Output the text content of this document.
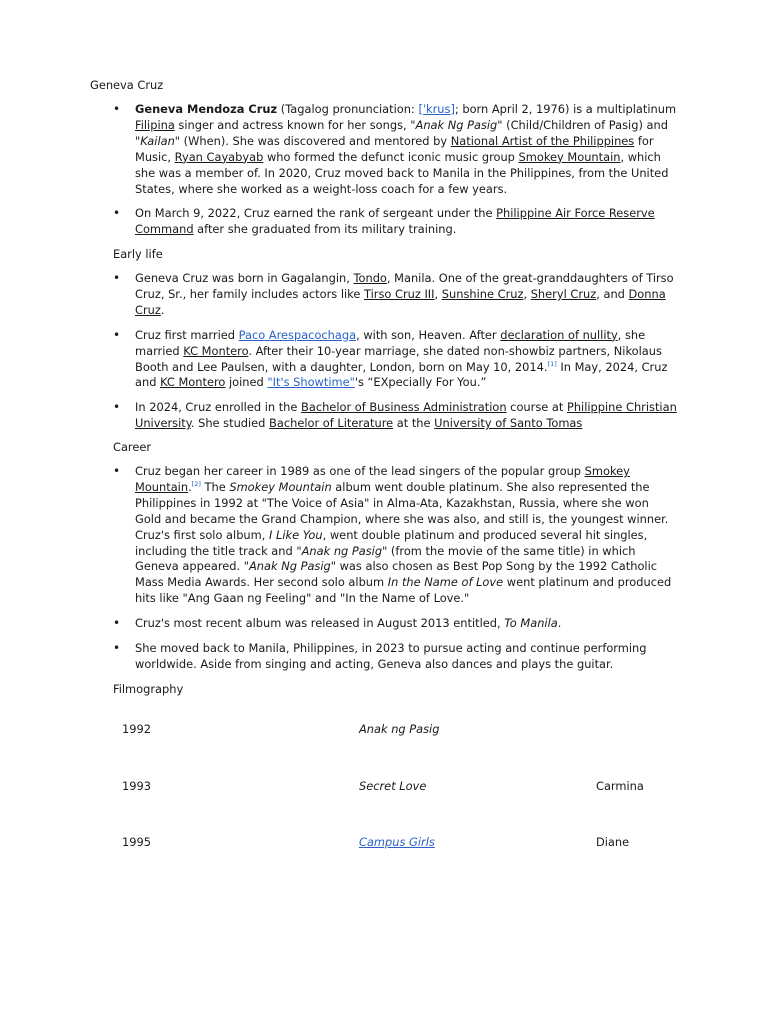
Geneva Cruz
• Geneva Mendoza Cruz (Tagalog pronunciation: [ˈkrus]; born April 2, 1976) is a multiplatinum Filipina singer and actress known for her songs, "Anak Ng Pasig" (Child/Children of Pasig) and "Kailan" (When). She was discovered and mentored by National Artist of the Philippines for Music, Ryan Cayabyab who formed the defunct iconic music group Smokey Mountain, which she was a member of. In 2020, Cruz moved back to Manila in the Philippines, from the United States, where she worked as a weight-loss coach for a few years.
• On March 9, 2022, Cruz earned the rank of sergeant under the Philippine Air Force Reserve Command after she graduated from its military training.
Early life
• Geneva Cruz was born in Gagalangin, Tondo, Manila. One of the great-granddaughters of Tirso Cruz, Sr., her family includes actors like Tirso Cruz III, Sunshine Cruz, Sheryl Cruz, and Donna Cruz.
• Cruz first married Paco Arespacochaga, with son, Heaven. After declaration of nullity, she married KC Montero. After their 10-year marriage, she dated non-showbiz partners, Nikolaus Booth and Lee Paulsen, with a daughter, London, born on May 10, 2014.[1] In May, 2024, Cruz and KC Montero joined "It's Showtime"'s “EXpecially For You.”
• In 2024, Cruz enrolled in the Bachelor of Business Administration course at Philippine Christian University. She studied Bachelor of Literature at the University of Santo Tomas
Career
• Cruz began her career in 1989 as one of the lead singers of the popular group Smokey Mountain.[2] The Smokey Mountain album went double platinum. She also represented the Philippines in 1992 at "The Voice of Asia" in Alma-Ata, Kazakhstan, Russia, where she won Gold and became the Grand Champion, where she was also, and still is, the youngest winner. Cruz's first solo album, I Like You, went double platinum and produced several hit singles, including the title track and "Anak ng Pasig" (from the movie of the same title) in which Geneva appeared. "Anak Ng Pasig" was also chosen as Best Pop Song by the 1992 Catholic Mass Media Awards. Her second solo album In the Name of Love went platinum and produced hits like "Ang Gaan ng Feeling" and "In the Name of Love."
• Cruz's most recent album was released in August 2013 entitled, To Manila.
• She moved back to Manila, Philippines, in 2023 to pursue acting and continue performing worldwide. Aside from singing and acting, Geneva also dances and plays the guitar.
Filmography
1992	Anak ng Pasig
1993	Secret Love	Carmina
1995	Campus Girls	Diane
